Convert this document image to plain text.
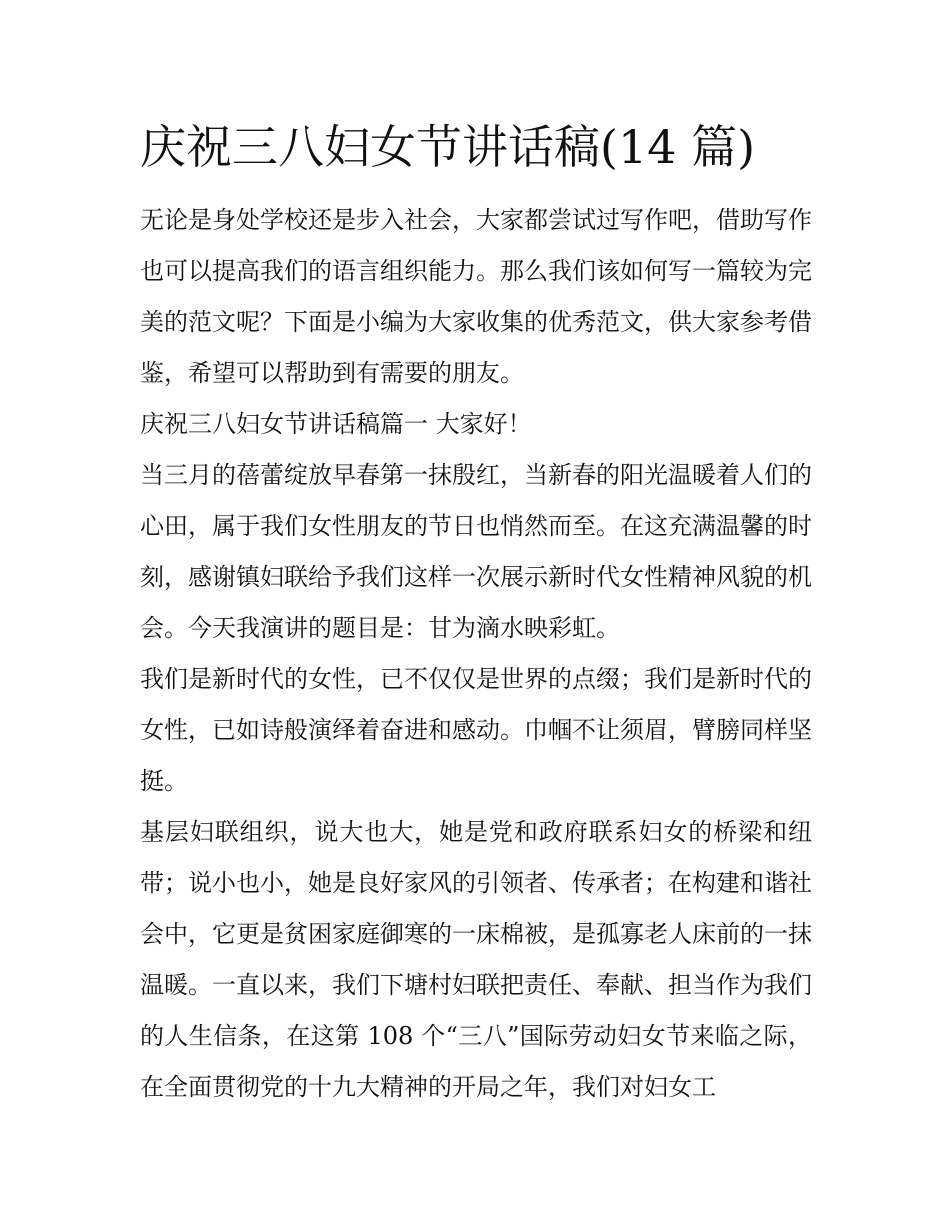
庆祝三八妇女节讲话稿(14 篇)

无论是身处学校还是步入社会，大家都尝试过写作吧，借助写作也可以提高我们的语言组织能力。那么我们该如何写一篇较为完美的范文呢？下面是小编为大家收集的优秀范文，供大家参考借鉴，希望可以帮助到有需要的朋友。

庆祝三八妇女节讲话稿篇一 大家好！

当三月的蓓蕾绽放早春第一抹殷红，当新春的阳光温暖着人们的心田，属于我们女性朋友的节日也悄然而至。在这充满温馨的时刻，感谢镇妇联给予我们这样一次展示新时代女性精神风貌的机会。今天我演讲的题目是：甘为滴水映彩虹。

我们是新时代的女性，已不仅仅是世界的点缀；我们是新时代的女性，已如诗般演绎着奋进和感动。巾帼不让须眉，臂膀同样坚挺。

基层妇联组织，说大也大，她是党和政府联系妇女的桥梁和纽带；说小也小，她是良好家风的引领者、传承者；在构建和谐社会中，它更是贫困家庭御寒的一床棉被，是孤寡老人床前的一抹温暖。一直以来，我们下塘村妇联把责任、奉献、担当作为我们的人生信条，在这第 108 个“三八”国际劳动妇女节来临之际，在全面贯彻党的十九大精神的开局之年，我们对妇女工
